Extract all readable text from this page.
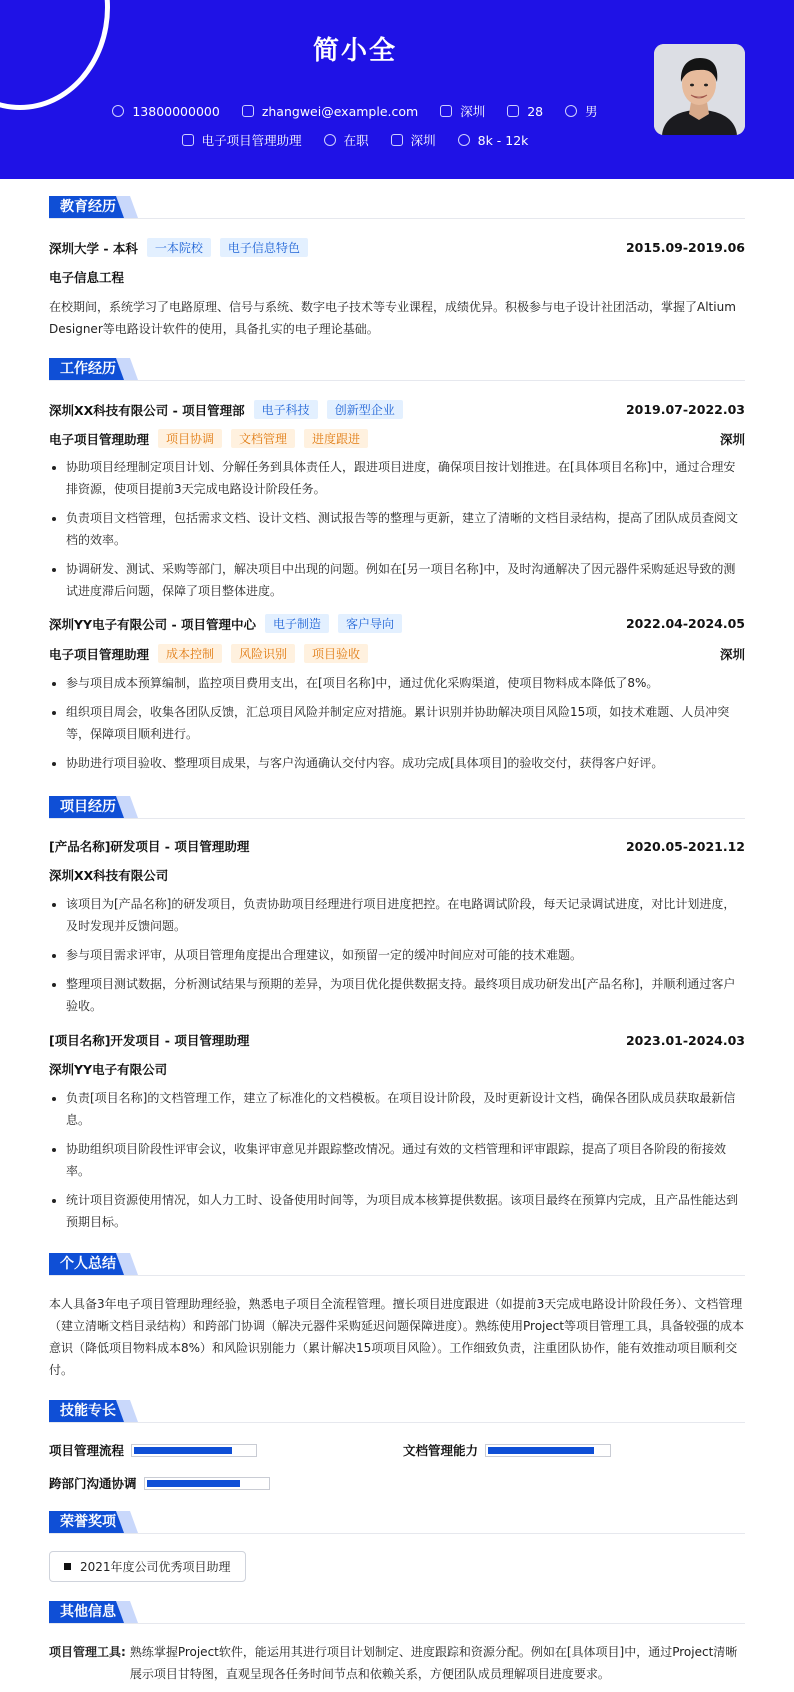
简小全
13800000000	zhangwei@example.com	深圳	28	男
电子项目管理助理	在职	深圳	8k - 12k
教育经历
深圳大学 - 本科	一本院校	电子信息特色	2015.09-2019.06
电子信息工程
在校期间，系统学习了电路原理、信号与系统、数字电子技术等专业课程，成绩优异。积极参与电子设计社团活动，掌握了Altium Designer等电路设计软件的使用，具备扎实的电子理论基础。
工作经历
深圳XX科技有限公司 - 项目管理部	电子科技	创新型企业	2019.07-2022.03
电子项目管理助理	项目协调	文档管理	进度跟进	深圳
协助项目经理制定项目计划、分解任务到具体责任人，跟进项目进度，确保项目按计划推进。在[具体项目名称]中，通过合理安排资源，使项目提前3天完成电路设计阶段任务。
负责项目文档管理，包括需求文档、设计文档、测试报告等的整理与更新，建立了清晰的文档目录结构，提高了团队成员查阅文档的效率。
协调研发、测试、采购等部门，解决项目中出现的问题。例如在[另一项目名称]中，及时沟通解决了因元器件采购延迟导致的测试进度滞后问题，保障了项目整体进度。
深圳YY电子有限公司 - 项目管理中心	电子制造	客户导向	2022.04-2024.05
电子项目管理助理	成本控制	风险识别	项目验收	深圳
参与项目成本预算编制，监控项目费用支出，在[项目名称]中，通过优化采购渠道，使项目物料成本降低了8%。
组织项目周会，收集各团队反馈，汇总项目风险并制定应对措施。累计识别并协助解决项目风险15项，如技术难题、人员冲突等，保障项目顺利进行。
协助进行项目验收、整理项目成果，与客户沟通确认交付内容。成功完成[具体项目]的验收交付，获得客户好评。
项目经历
[产品名称]研发项目 - 项目管理助理	2020.05-2021.12
深圳XX科技有限公司
该项目为[产品名称]的研发项目，负责协助项目经理进行项目进度把控。在电路调试阶段，每天记录调试进度，对比计划进度，及时发现并反馈问题。
参与项目需求评审，从项目管理角度提出合理建议，如预留一定的缓冲时间应对可能的技术难题。
整理项目测试数据，分析测试结果与预期的差异，为项目优化提供数据支持。最终项目成功研发出[产品名称]，并顺利通过客户验收。
[项目名称]开发项目 - 项目管理助理	2023.01-2024.03
深圳YY电子有限公司
负责[项目名称]的文档管理工作，建立了标准化的文档模板。在项目设计阶段，及时更新设计文档，确保各团队成员获取最新信息。
协助组织项目阶段性评审会议，收集评审意见并跟踪整改情况。通过有效的文档管理和评审跟踪，提高了项目各阶段的衔接效率。
统计项目资源使用情况，如人力工时、设备使用时间等，为项目成本核算提供数据。该项目最终在预算内完成，且产品性能达到预期目标。
个人总结
本人具备3年电子项目管理助理经验，熟悉电子项目全流程管理。擅长项目进度跟进（如提前3天完成电路设计阶段任务）、文档管理（建立清晰文档目录结构）和跨部门协调（解决元器件采购延迟问题保障进度）。熟练使用Project等项目管理工具，具备较强的成本意识（降低项目物料成本8%）和风险识别能力（累计解决15项项目风险）。工作细致负责，注重团队协作，能有效推动项目顺利交付。
技能专长
项目管理流程	文档管理能力
跨部门沟通协调
荣誉奖项
2021年度公司优秀项目助理
其他信息
项目管理工具: 熟练掌握Project软件，能运用其进行项目计划制定、进度跟踪和资源分配。例如在[具体项目]中，通过Project清晰展示项目甘特图，直观呈现各任务时间节点和依赖关系，方便团队成员理解项目进度要求。
